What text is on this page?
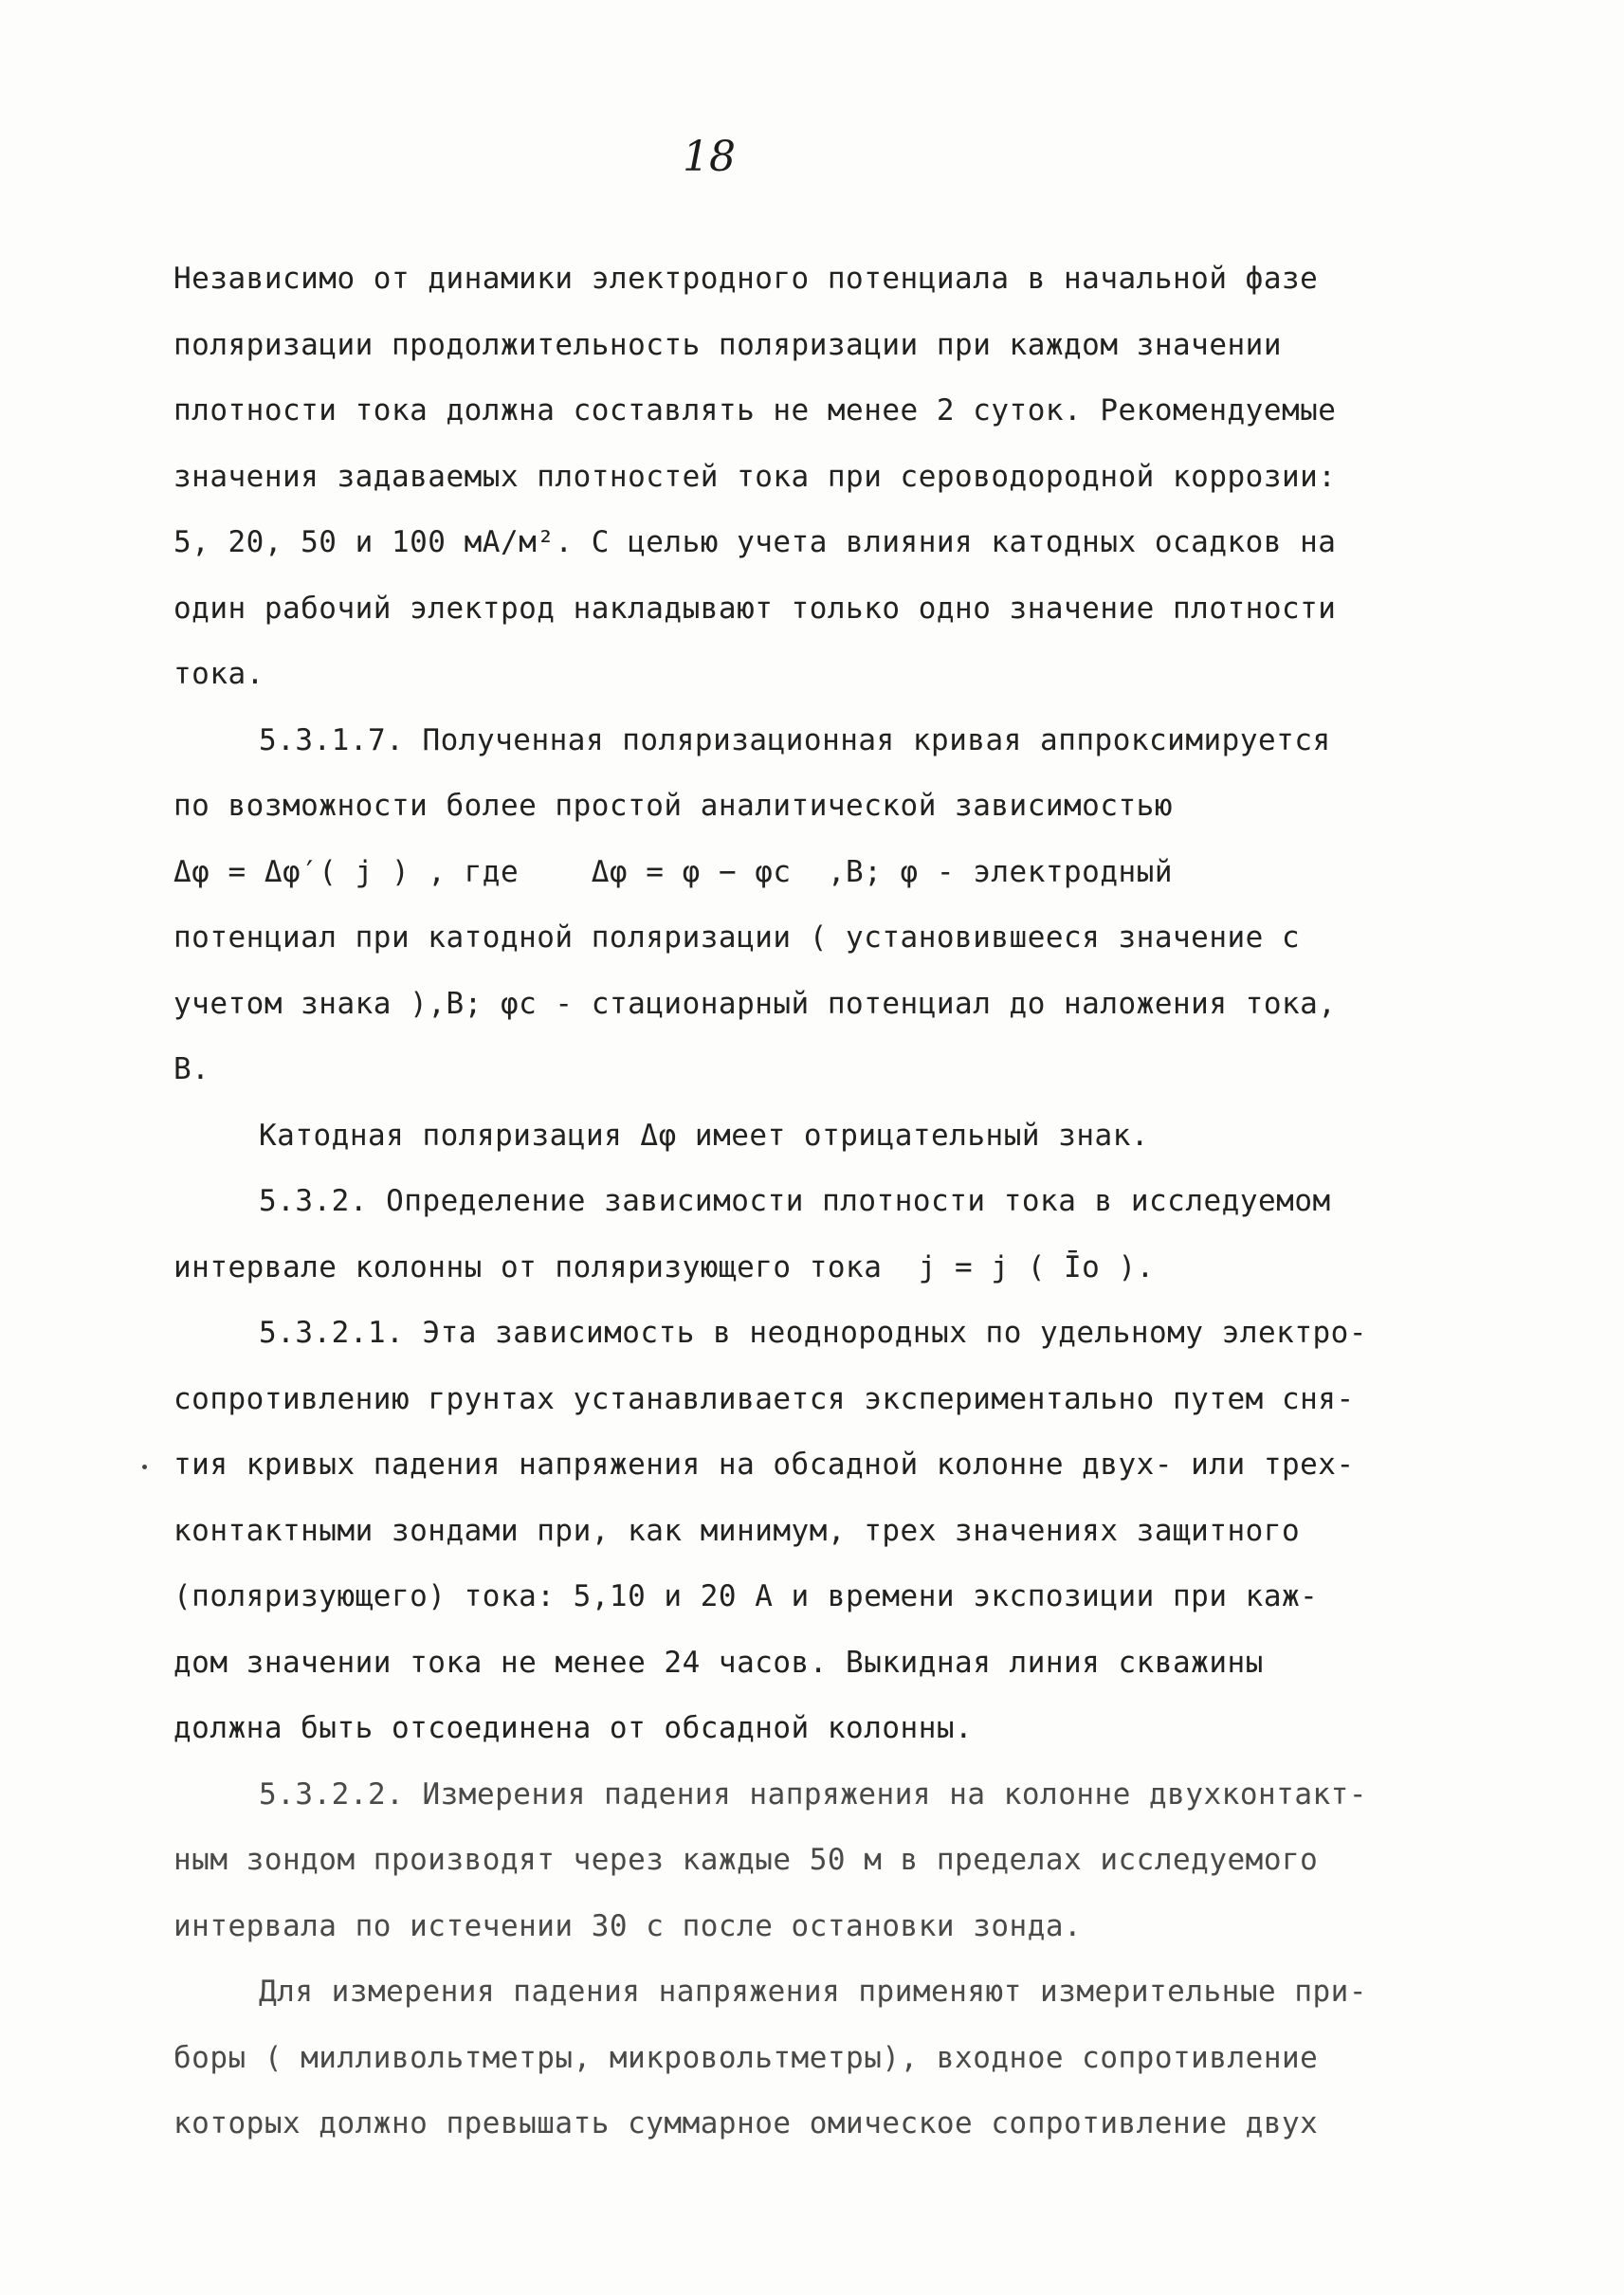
18
Независимо от динамики электродного потенциала в начальной фазе
поляризации продолжительность поляризации при каждом значении
плотности тока должна составлять не менее 2 суток. Рекомендуемые
значения задаваемых плотностей тока при сероводородной коррозии:
5, 20, 50 и 100 мА/м². С целью учета влияния катодных осадков на
один рабочий электрод накладывают только одно значение плотности
тока.
5.3.1.7. Полученная поляризационная кривая аппроксимируется
по возможности более простой аналитической зависимостью
Δφ = Δφ′( j ) , где    Δφ = φ − φс  ,В; φ - электродный
потенциал при катодной поляризации ( установившееся значение с
учетом знака ),В; φс - стационарный потенциал до наложения тока,
В.
Катодная поляризация Δφ имеет отрицательный знак.
5.3.2. Определение зависимости плотности тока в исследуемом
интервале колонны от поляризующего тока  j = j ( Īо ).
5.3.2.1. Эта зависимость в неоднородных по удельному электро-
сопротивлению грунтах устанавливается экспериментально путем сня-
тия кривых падения напряжения на обсадной колонне двух- или трех-
контактными зондами при, как минимум, трех значениях защитного
(поляризующего) тока: 5,10 и 20 А и времени экспозиции при каж-
дом значении тока не менее 24 часов. Выкидная линия скважины
должна быть отсоединена от обсадной колонны.
5.3.2.2. Измерения падения напряжения на колонне двухконтакт-
ным зондом производят через каждые 50 м в пределах исследуемого
интервала по истечении 30 с после остановки зонда.
Для измерения падения напряжения применяют измерительные при-
боры ( милливольтметры, микровольтметры), входное сопротивление
которых должно превышать суммарное омическое сопротивление двух
